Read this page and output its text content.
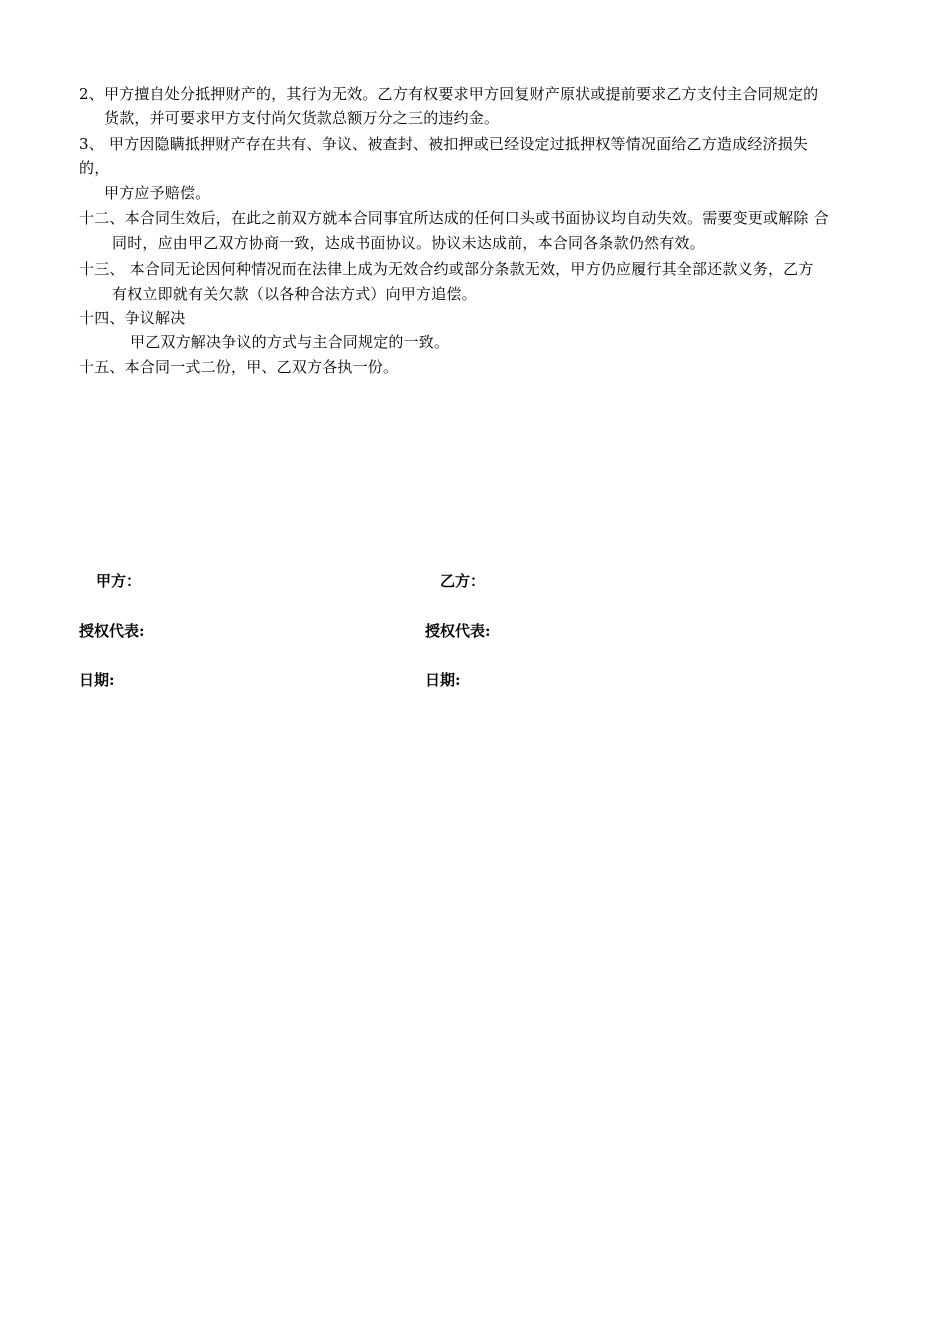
2、甲方擅自处分抵押财产的，其行为无效。乙方有权要求甲方回复财产原状或提前要求乙方支付主合同规定的
货款，并可要求甲方支付尚欠货款总额万分之三的违约金。
3、 甲方因隐瞒抵押财产存在共有、争议、被查封、被扣押或已经设定过抵押权等情况面给乙方造成经济损失
的，
甲方应予赔偿。
十二、本合同生效后，在此之前双方就本合同事宜所达成的任何口头或书面协议均自动失效。需要变更或解除 合
同时，应由甲乙双方协商一致，达成书面协议。协议未达成前，本合同各条款仍然有效。
十三、 本合同无论因何种情况而在法律上成为无效合约或部分条款无效，甲方仍应履行其全部还款义务，乙方
有权立即就有关欠款（以各种合法方式）向甲方追偿。
十四、争议解决
甲乙双方解决争议的方式与主合同规定的一致。
十五、本合同一式二份，甲、乙双方各执一份。
甲方：	乙方：
授权代表:	授权代表:
日期:	日期:
